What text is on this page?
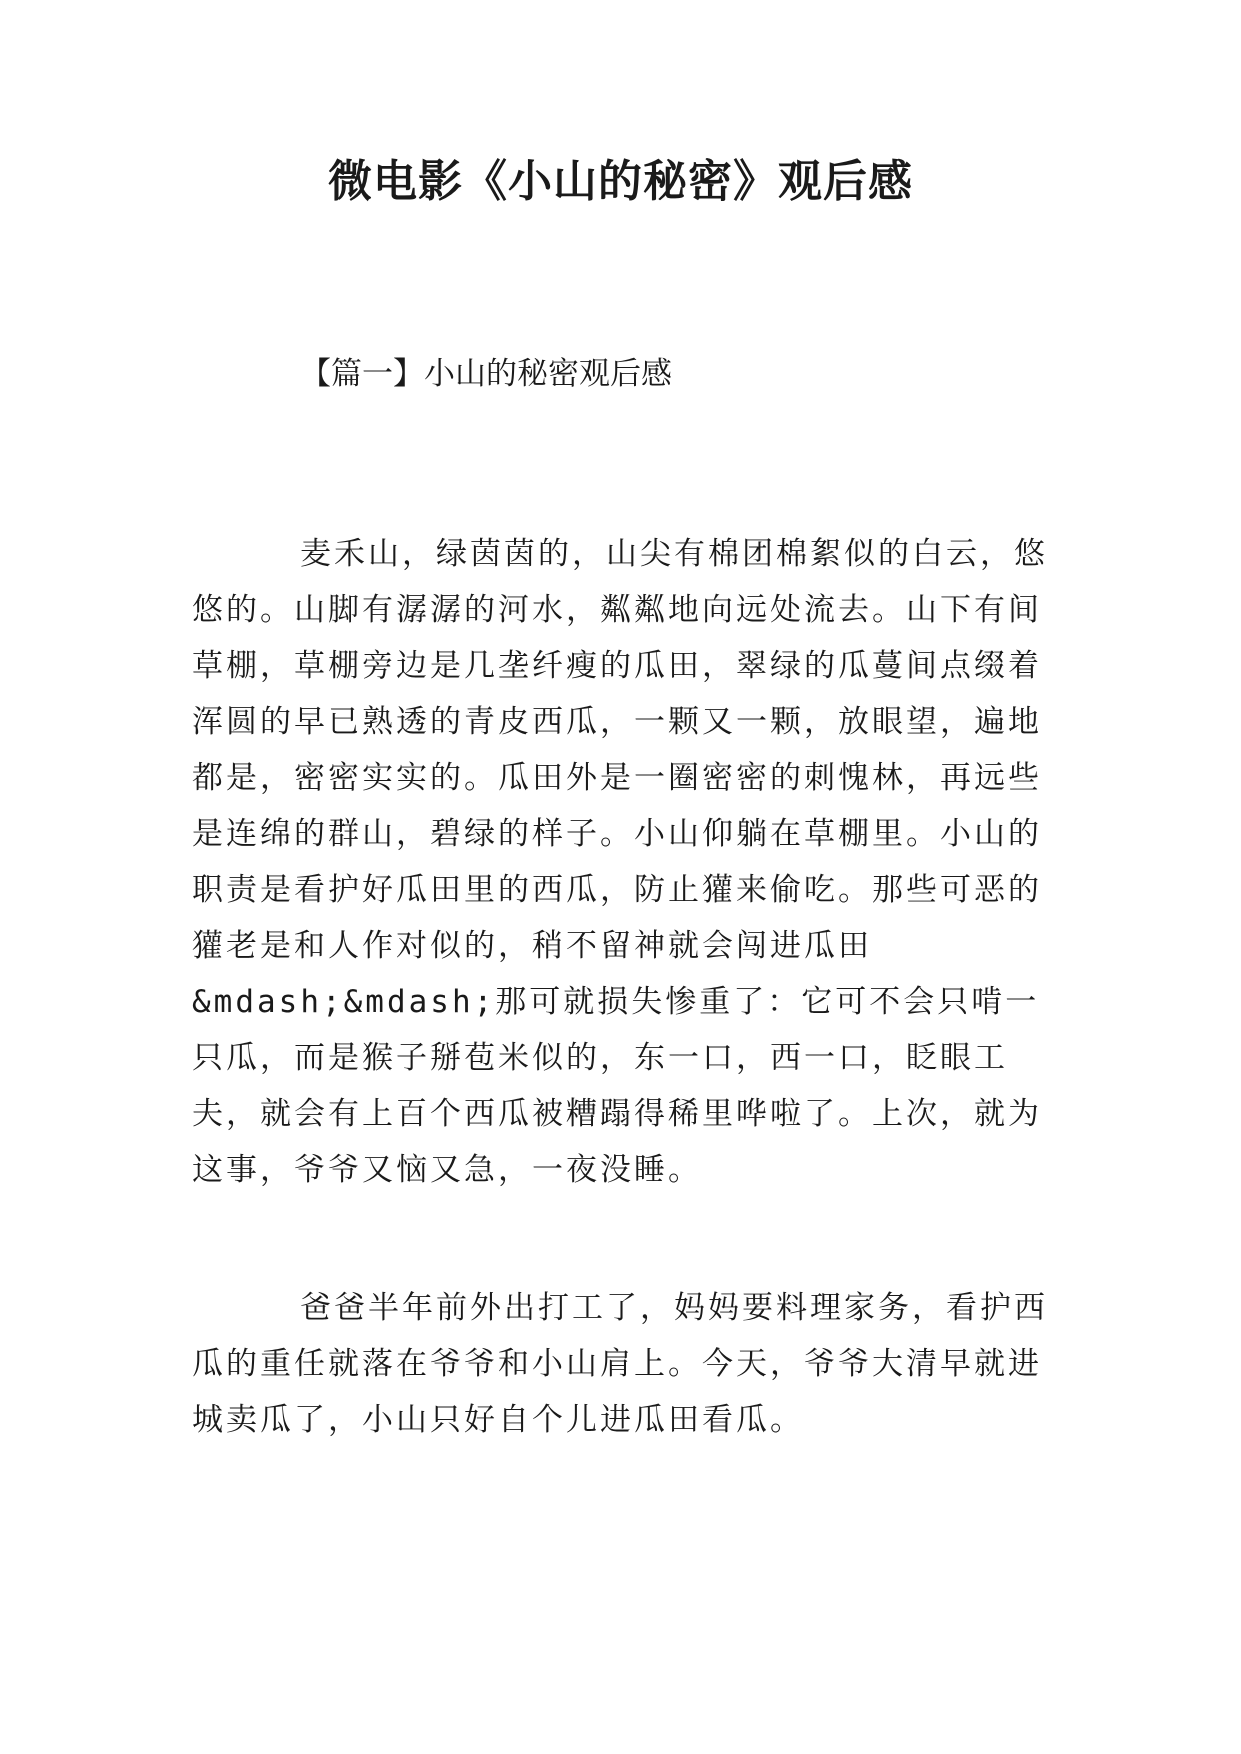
微电影《小山的秘密》观后感

【篇一】小山的秘密观后感

麦禾山，绿茵茵的，山尖有棉团棉絮似的白云，悠悠的。山脚有潺潺的河水，粼粼地向远处流去。山下有间草棚，草棚旁边是几垄纤瘦的瓜田，翠绿的瓜蔓间点缀着浑圆的早已熟透的青皮西瓜，一颗又一颗，放眼望，遍地都是，密密实实的。瓜田外是一圈密密的刺愧林，再远些是连绵的群山，碧绿的样子。小山仰躺在草棚里。小山的职责是看护好瓜田里的西瓜，防止獾来偷吃。那些可恶的獾老是和人作对似的，稍不留神就会闯进瓜田&mdash;&mdash;那可就损失惨重了：它可不会只啃一只瓜，而是猴子掰苞米似的，东一口，西一口，眨眼工夫，就会有上百个西瓜被糟蹋得稀里哗啦了。上次，就为这事，爷爷又恼又急，一夜没睡。

爸爸半年前外出打工了，妈妈要料理家务，看护西瓜的重任就落在爷爷和小山肩上。今天，爷爷大清早就进城卖瓜了，小山只好自个儿进瓜田看瓜。
